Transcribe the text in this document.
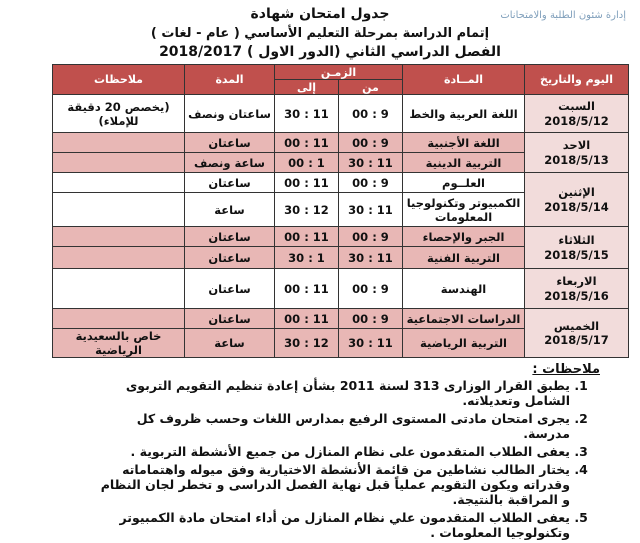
إدارة شئون الطلبة والامتحانات
جدول امتحان شهادة
إتمام الدراسة بمرحلة التعليم الأساسي ( عام - لغات )
الفصل الدراسي الثاني (الدور الاول ) 2018/2017
اليوم والتاريخ	المــادة	الزمـن		المدة	ملاحظات
		من	إلى		

السبت
2018/5/12	اللغة العربية والخط	9 : 00	11 : 30	ساعتان ونصف	(يخصص 20 دقيقة للإملاء)

الاحد
2018/5/13	اللغة الأجنبية	9 : 00	11 : 00	ساعتان	
	التربية الدينية	11 : 30	1 : 00	ساعة ونصف	

الإثنين
2018/5/14	العلــوم	9 : 00	11 : 00	ساعتان	
	الكمبيوتر وتكنولوجيا المعلومات	11 : 30	12 : 30	ساعة	

الثلاثاء
2018/5/15	الجبر والإحصاء	9 : 00	11 : 00	ساعتان	
	التربية الفنية	11 : 30	1 : 30	ساعتان	

الاربعاء
2018/5/16	الهندسة	9 : 00	11 : 00	ساعتان	

الخميس
2018/5/17	الدراسات الاجتماعية	9 : 00	11 : 00	ساعتان	
	التربية الرياضية	11 : 30	12 : 30	ساعة	خاص بالسعيدية الرياضية
ملاحظات :
1. يطبق القرار الوزارى 313 لسنة 2011 بشأن إعادة تنظيم التقويم التربوى الشامل وتعديلاته.
2. يجرى امتحان مادتى المستوى الرفيع بمدارس اللغات وحسب ظروف كل مدرسة.
3. يعفى الطلاب المتقدمون على نظام المنازل من جميع الأنشطة التربوية .
4. يختار الطالب نشاطين من قائمة الأنشطة الاختيارية وفق ميوله واهتماماته وقدراته ويكون التقويم عملياً قبل نهاية الفصل الدراسى و تخطر لجان النظام و المراقبة بالنتيجة.
5. يعفى الطلاب المتقدمون علي نظام المنازل من أداء امتحان مادة الكمبيوتر وتكنولوجيا المعلومات .
